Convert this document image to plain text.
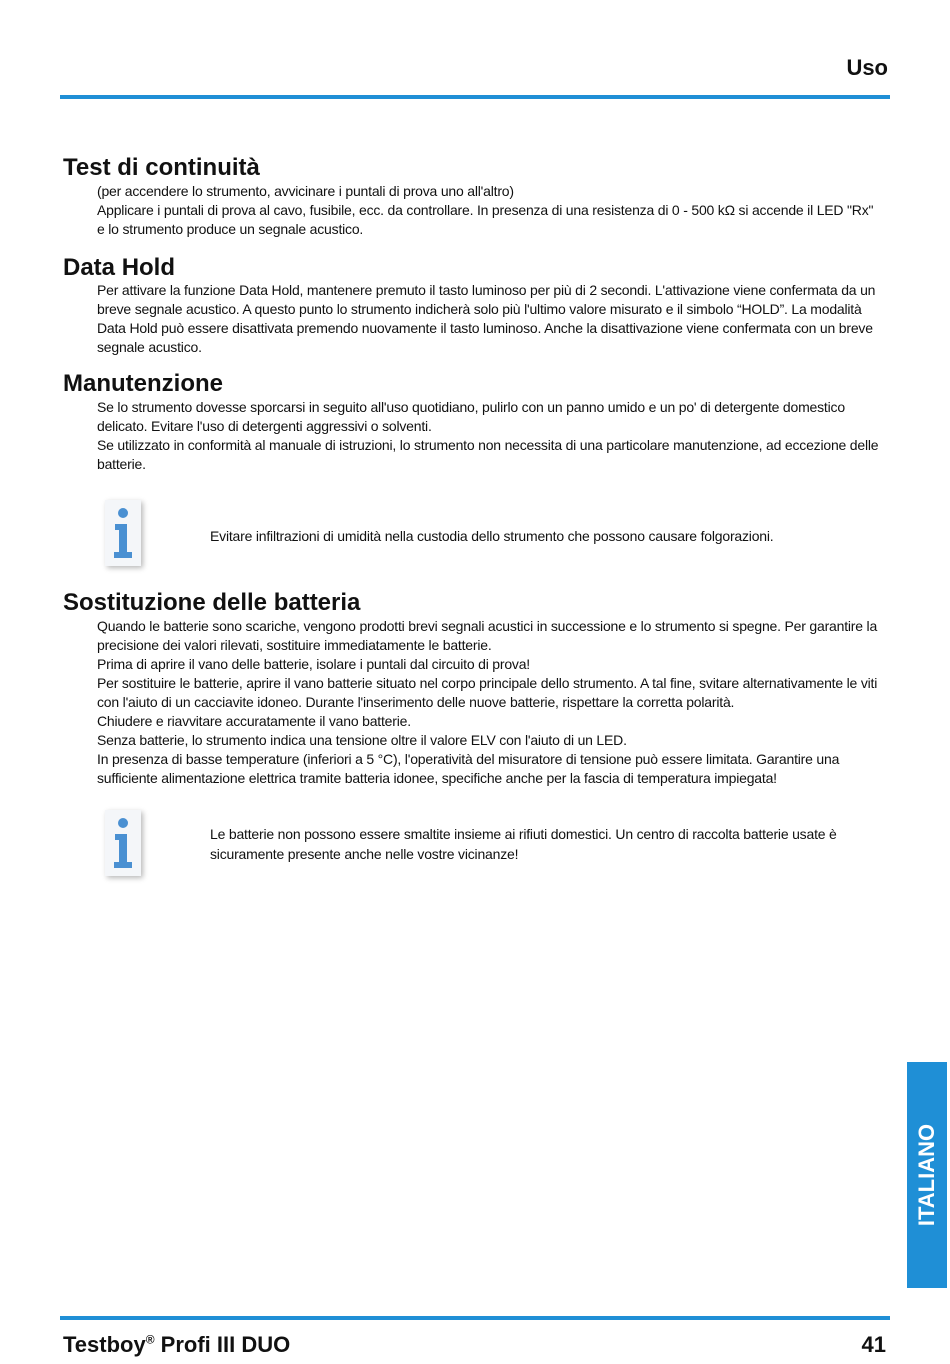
Uso
Test di continuità

(per accendere lo strumento, avvicinare i puntali di prova uno all'altro)

Applicare i puntali di prova al cavo, fusibile, ecc. da controllare. In presenza di una resistenza di 0 - 500 kΩ si accende il LED "Rx" e lo strumento produce un segnale acustico.

Data Hold

Per attivare la funzione Data Hold, mantenere premuto il tasto luminoso per più di 2 secondi. L'attivazione viene confermata da un breve segnale acustico. A questo punto lo strumento indicherà solo più l'ultimo valore misurato e il simbolo “HOLD”. La modalità Data Hold può essere disattivata premendo nuovamente il tasto luminoso. Anche la disattivazione viene confermata con un breve segnale acustico.

Manutenzione

Se lo strumento dovesse sporcarsi in seguito all'uso quotidiano, pulirlo con un panno umido e un po' di detergente domestico delicato. Evitare l'uso di detergenti aggressivi o solventi.

Se utilizzato in conformità al manuale di istruzioni, lo strumento non necessita di una particolare manutenzione, ad eccezione delle batterie.

Evitare infiltrazioni di umidità nella custodia dello strumento che possono causare folgorazioni.

Sostituzione delle batteria

Quando le batterie sono scariche, vengono prodotti brevi segnali acustici in successione e lo strumento si spegne. Per garantire la precisione dei valori rilevati, sostituire immediatamente le batterie.

Prima di aprire il vano delle batterie, isolare i puntali dal circuito di prova!

Per sostituire le batterie, aprire il vano batterie situato nel corpo principale dello strumento. A tal fine, svitare alternativamente le viti con l'aiuto di un cacciavite idoneo. Durante l'inserimento delle nuove batterie, rispettare la corretta polarità.

Chiudere e riavvitare accuratamente il vano batterie.

Senza batterie, lo strumento indica una tensione oltre il valore ELV con l'aiuto di un LED.

In presenza di basse temperature (inferiori a 5 °C), l'operatività del misuratore di tensione può essere limitata. Garantire una sufficiente alimentazione elettrica tramite batteria idonee, specifiche anche per la fascia di temperatura impiegata!

Le batterie non possono essere smaltite insieme ai rifiuti domestici. Un centro di raccolta batterie usate è sicuramente presente anche nelle vostre vicinanze!

ITALIANO
Testboy® Profi III DUO	41
